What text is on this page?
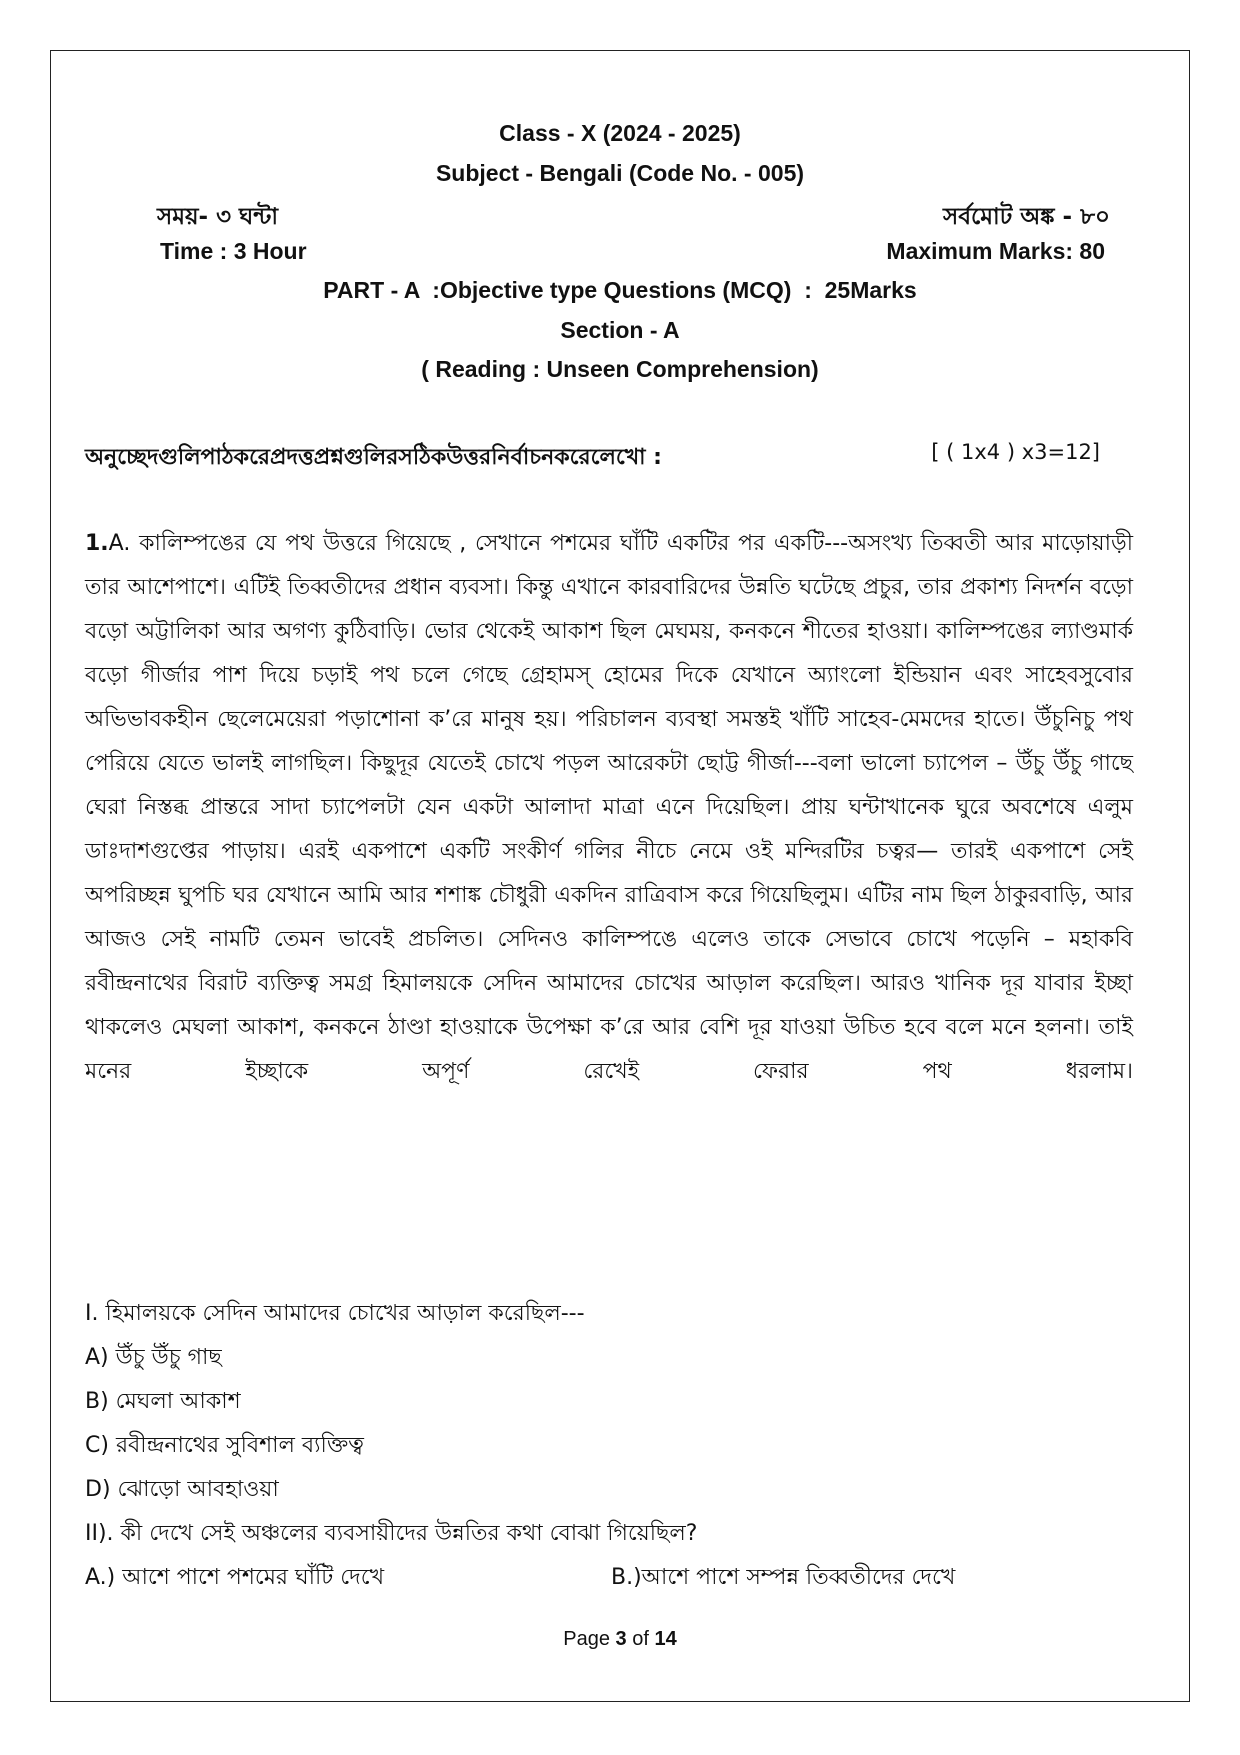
Class - X (2024 - 2025)
Subject - Bengali (Code No. - 005)
সময়- ৩ ঘন্টা	সর্বমোট অঙ্ক - ৮০
Time : 3 Hour	Maximum Marks: 80
PART - A  :Objective type Questions (MCQ)  :  25Marks
Section - A
( Reading : Unseen Comprehension)
অনুচ্ছেদগুলিপাঠকরেপ্রদত্তপ্রশ্নগুলিরসঠিকউত্তরনির্বাচনকরেলেখো :	[ ( 1x4 ) x3=12]
1.A. কালিম্পঙের যে পথ উত্তরে গিয়েছে , সেখানে পশমের ঘাঁটি একটির পর একটি---অসংখ্য তিব্বতী আর মাড়োয়াড়ী তার আশেপাশে। এটিই তিব্বতীদের প্রধান ব্যবসা। কিন্তু এখানে কারবারিদের উন্নতি ঘটেছে প্রচুর, তার প্রকাশ্য নিদর্শন বড়ো বড়ো অট্টালিকা আর অগণ্য কুঠিবাড়ি। ভোর থেকেই আকাশ ছিল মেঘময়, কনকনে শীতের হাওয়া। কালিম্পঙের ল্যাণ্ডমার্ক বড়ো গীর্জার পাশ দিয়ে চড়াই পথ চলে গেছে গ্রেহামস্ হোমের দিকে যেখানে অ্যাংলো ইন্ডিয়ান এবং সাহেবসুবোর অভিভাবকহীন ছেলেমেয়েরা পড়াশোনা ক’রে মানুষ হয়। পরিচালন ব্যবস্থা সমস্তই খাঁটি সাহেব-মেমদের হাতে। উঁচুনিচু পথ পেরিয়ে যেতে ভালই লাগছিল। কিছুদূর যেতেই চোখে পড়ল আরেকটা ছোট্ট গীর্জা---বলা ভালো চ্যাপেল – উঁচু উঁচু গাছে ঘেরা নিস্তব্ধ প্রান্তরে সাদা চ্যাপেলটা যেন একটা আলাদা মাত্রা এনে দিয়েছিল। প্রায় ঘন্টাখানেক ঘুরে অবশেষে এলুম ডাঃদাশগুপ্তের পাড়ায়। এরই একপাশে একটি সংকীর্ণ গলির নীচে নেমে ওই মন্দিরটির চত্বর— তারই একপাশে সেই অপরিচ্ছন্ন ঘুপচি ঘর যেখানে আমি আর শশাঙ্ক চৌধুরী একদিন রাত্রিবাস করে গিয়েছিলুম। এটির নাম ছিল ঠাকুরবাড়ি, আর আজও সেই নামটি তেমন ভাবেই প্রচলিত। সেদিনও কালিম্পঙে এলেও তাকে সেভাবে চোখে পড়েনি – মহাকবি রবীন্দ্রনাথের বিরাট ব্যক্তিত্ব সমগ্র হিমালয়কে সেদিন আমাদের চোখের আড়াল করেছিল। আরও খানিক দূর যাবার ইচ্ছা থাকলেও মেঘলা আকাশ, কনকনে ঠাণ্ডা হাওয়াকে উপেক্ষা ক’রে আর বেশি দূর যাওয়া উচিত হবে বলে মনে হলনা। তাই মনের ইচ্ছাকে অপূর্ণ রেখেই ফেরার পথ ধরলাম।
I. হিমালয়কে সেদিন আমাদের চোখের আড়াল করেছিল---
A) উঁচু উঁচু গাছ
B) মেঘলা আকাশ
C) রবীন্দ্রনাথের সুবিশাল ব্যক্তিত্ব
D) ঝোড়ো আবহাওয়া
II). কী দেখে সেই অঞ্চলের ব্যবসায়ীদের উন্নতির কথা বোঝা গিয়েছিল?
A.) আশে পাশে পশমের ঘাঁটি দেখে	B.)আশে পাশে সম্পন্ন তিব্বতীদের দেখে
Page 3 of 14
